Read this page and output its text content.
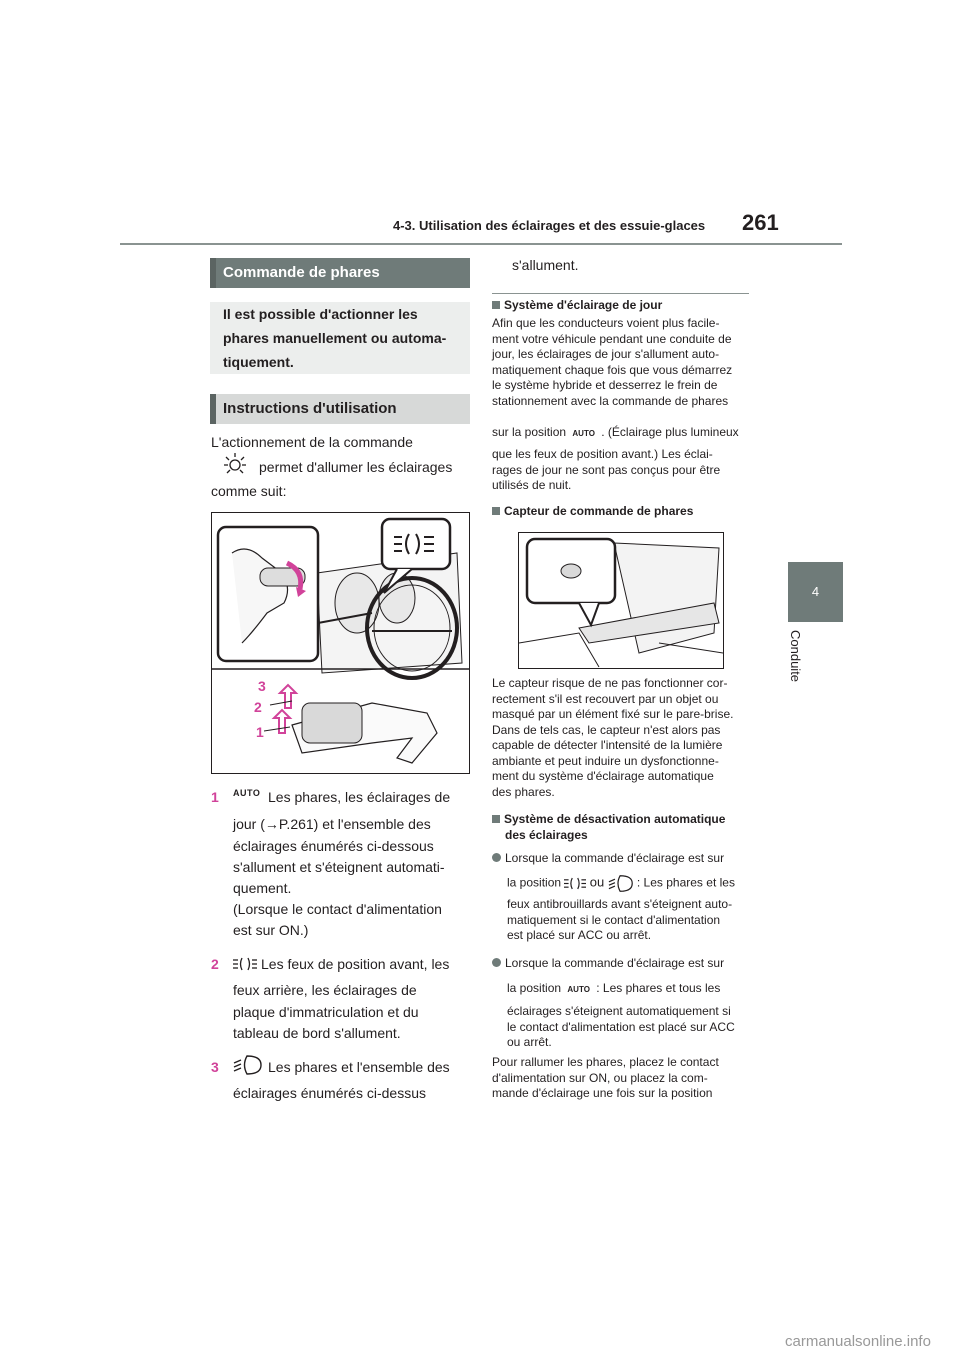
4-3. Utilisation des éclairages et des essuie-glaces 261
4
Conduite
Commande de phares

Il est possible d'actionner les

phares manuellement ou automa-

tiquement.

Instructions d'utilisation
L'actionnement de la commande
permet d'allumer les éclairages
comme suit:
3
2
1
1 AUTO Les phares, les éclairages de
jour (→P.261) et l'ensemble des
éclairages énumérés ci-dessous
s'allument et s'éteignent automati-
quement.
(Lorsque le contact d'alimentation
est sur ON.)
2	Les feux de position avant, les
feux arrière, les éclairages de
plaque d'immatriculation et du
tableau de bord s'allument.
3	Les phares et l'ensemble des
éclairages énumérés ci-dessus
s'allument.
Système d'éclairage de jour
Afin que les conducteurs voient plus facile-
ment votre véhicule pendant une conduite de
jour, les éclairages de jour s'allument auto-
matiquement chaque fois que vous démarrez
le système hybride et desserrez le frein de
stationnement avec la commande de phares
sur la position AUTO . (Éclairage plus lumineux
que les feux de position avant.) Les éclai-
rages de jour ne sont pas conçus pour être
utilisés de nuit.
Capteur de commande de phares
Le capteur risque de ne pas fonctionner cor-
rectement s'il est recouvert par un objet ou
masqué par un élément fixé sur le pare-brise.
Dans de tels cas, le capteur n'est alors pas
capable de détecter l'intensité de la lumière
ambiante et peut induire un dysfonctionne-
ment du système d'éclairage automatique
des phares.
Système de désactivation automatique
des éclairages
Lorsque la commande d'éclairage est sur
la position ou	: Les phares et les
feux antibrouillards avant s'éteignent auto-
matiquement si le contact d'alimentation
est placé sur ACC ou arrêt.
Lorsque la commande d'éclairage est sur
la position AUTO : Les phares et tous les
éclairages s'éteignent automatiquement si
le contact d'alimentation est placé sur ACC
ou arrêt.
Pour rallumer les phares, placez le contact
d'alimentation sur ON, ou placez la com-
mande d'éclairage une fois sur la position
carmanualsonline.info
